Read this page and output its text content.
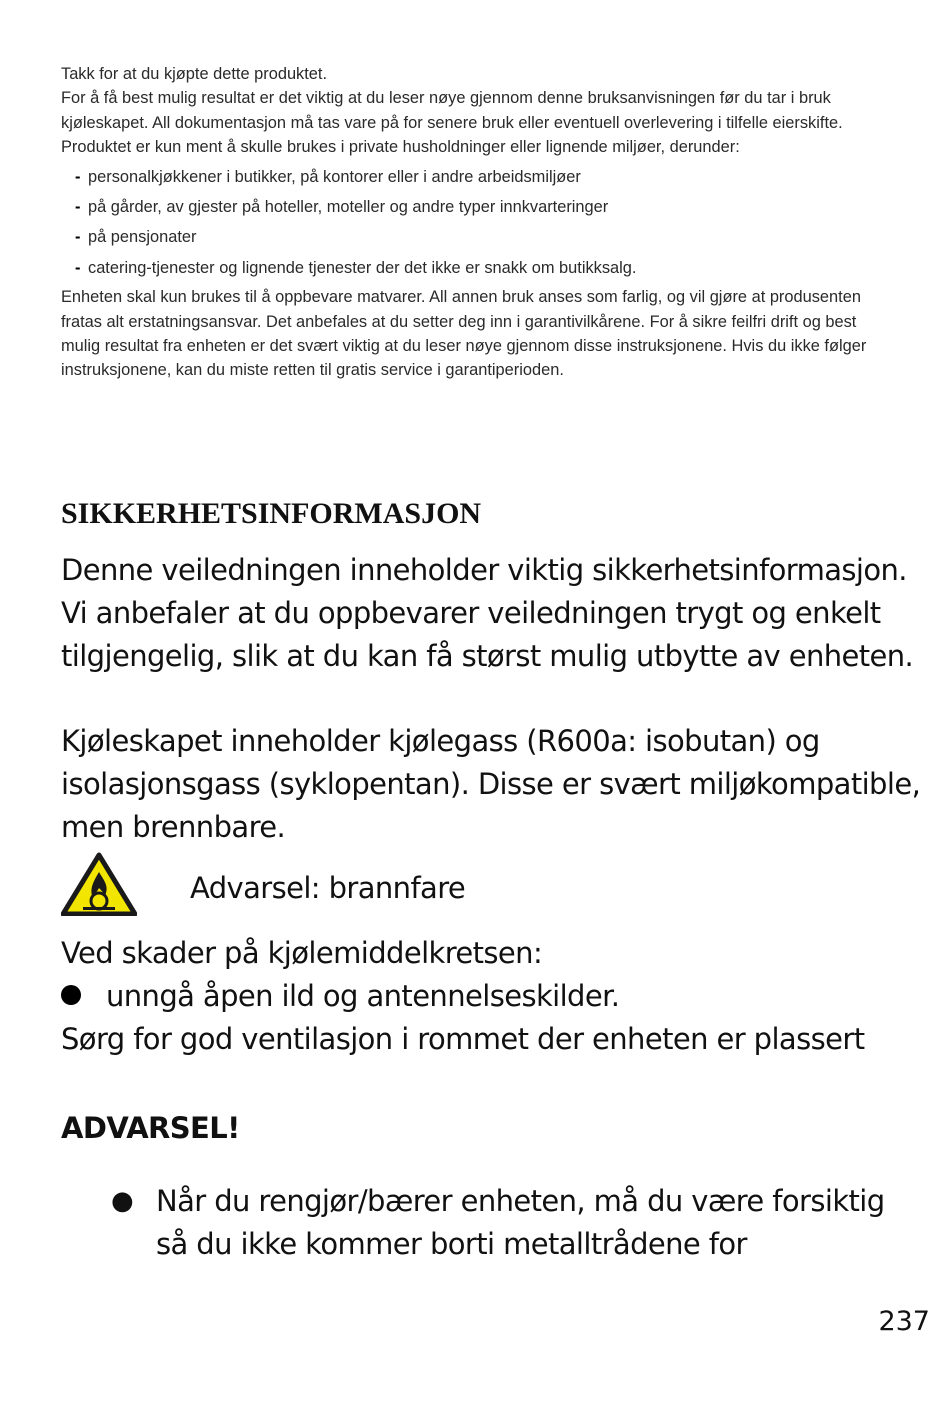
Takk for at du kjøpte dette produktet.

For å få best mulig resultat er det viktig at du leser nøye gjennom denne bruksanvisningen før du tar i bruk kjøleskapet. All dokumentasjon må tas vare på for senere bruk eller eventuell overlevering i tilfelle eierskifte. Produktet er kun ment å skulle brukes i private husholdninger eller lignende miljøer, derunder:

- personalkjøkkener i butikker, på kontorer eller i andre arbeidsmiljøer
- på gårder, av gjester på hoteller, moteller og andre typer innkvarteringer
- på pensjonater
- catering-tjenester og lignende tjenester der det ikke er snakk om butikksalg.

Enheten skal kun brukes til å oppbevare matvarer. All annen bruk anses som farlig, og vil gjøre at produsenten fratas alt erstatningsansvar. Det anbefales at du setter deg inn i garantivilkårene. For å sikre feilfri drift og best mulig resultat fra enheten er det svært viktig at du leser nøye gjennom disse instruksjonene. Hvis du ikke følger instruksjonene, kan du miste retten til gratis service i garantiperioden.

SIKKERHETSINFORMASJON

Denne veiledningen inneholder viktig sikkerhetsinformasjon. Vi anbefaler at du oppbevarer veiledningen trygt og enkelt tilgjengelig, slik at du kan få størst mulig utbytte av enheten.

Kjøleskapet inneholder kjølegass (R600a: isobutan) og isolasjonsgass (syklopentan). Disse er svært miljøkompatible, men brennbare.

Advarsel: brannfare

Ved skader på kjølemiddelkretsen:

unngå åpen ild og antennelseskilder.

Sørg for god ventilasjon i rommet der enheten er plassert

ADVARSEL!
● Når du rengjør/bærer enheten, må du være forsiktig så du ikke kommer borti metalltrådene for
237
